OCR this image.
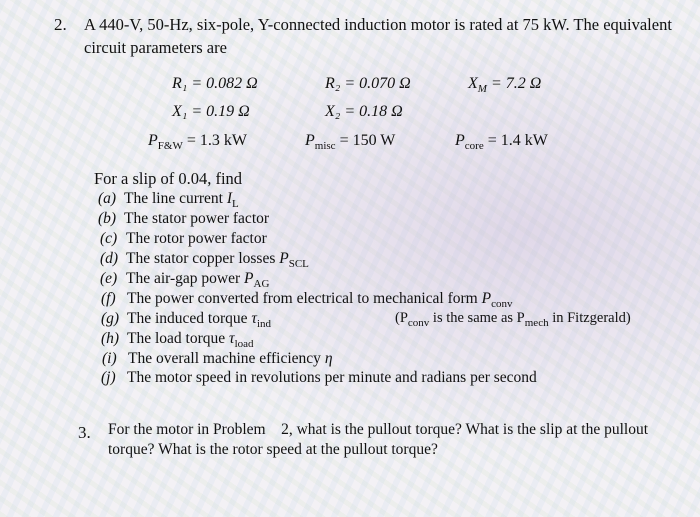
2. A 440-V, 50-Hz, six-pole, Y-connected induction motor is rated at 75 kW. The equivalent
circuit parameters are
R₁ = 0.082 Ω	R₂ = 0.070 Ω	$X_M = 7.2$ Ω
X₁ = 0.19 Ω	X₂ = 0.18 Ω
$P_{F\&W} = 1.3$ kW	$P_{misc} = 150$ W	$P_{core} = 1.4$ kW
For a slip of 0.04, find
(a) The line current $I_L$
(b) The stator power factor
(c) The rotor power factor
(d) The stator copper losses $P_{SCL}$
(e) The air-gap power $P_{AG}$
(f) The power converted from electrical to mechanical form $P_{conv}$
(g) The induced torque $\tau_{ind}$
(h) The load torque $\tau_{load}$
(i) The overall machine efficiency η
(j) The motor speed in revolutions per minute and radians per second
($P_{conv}$ is the same as $P_{mech}$ in Fitzgerald)
3. For the motor in Problem    2, what is the pullout torque? What is the slip at the pullout
torque? What is the rotor speed at the pullout torque?
